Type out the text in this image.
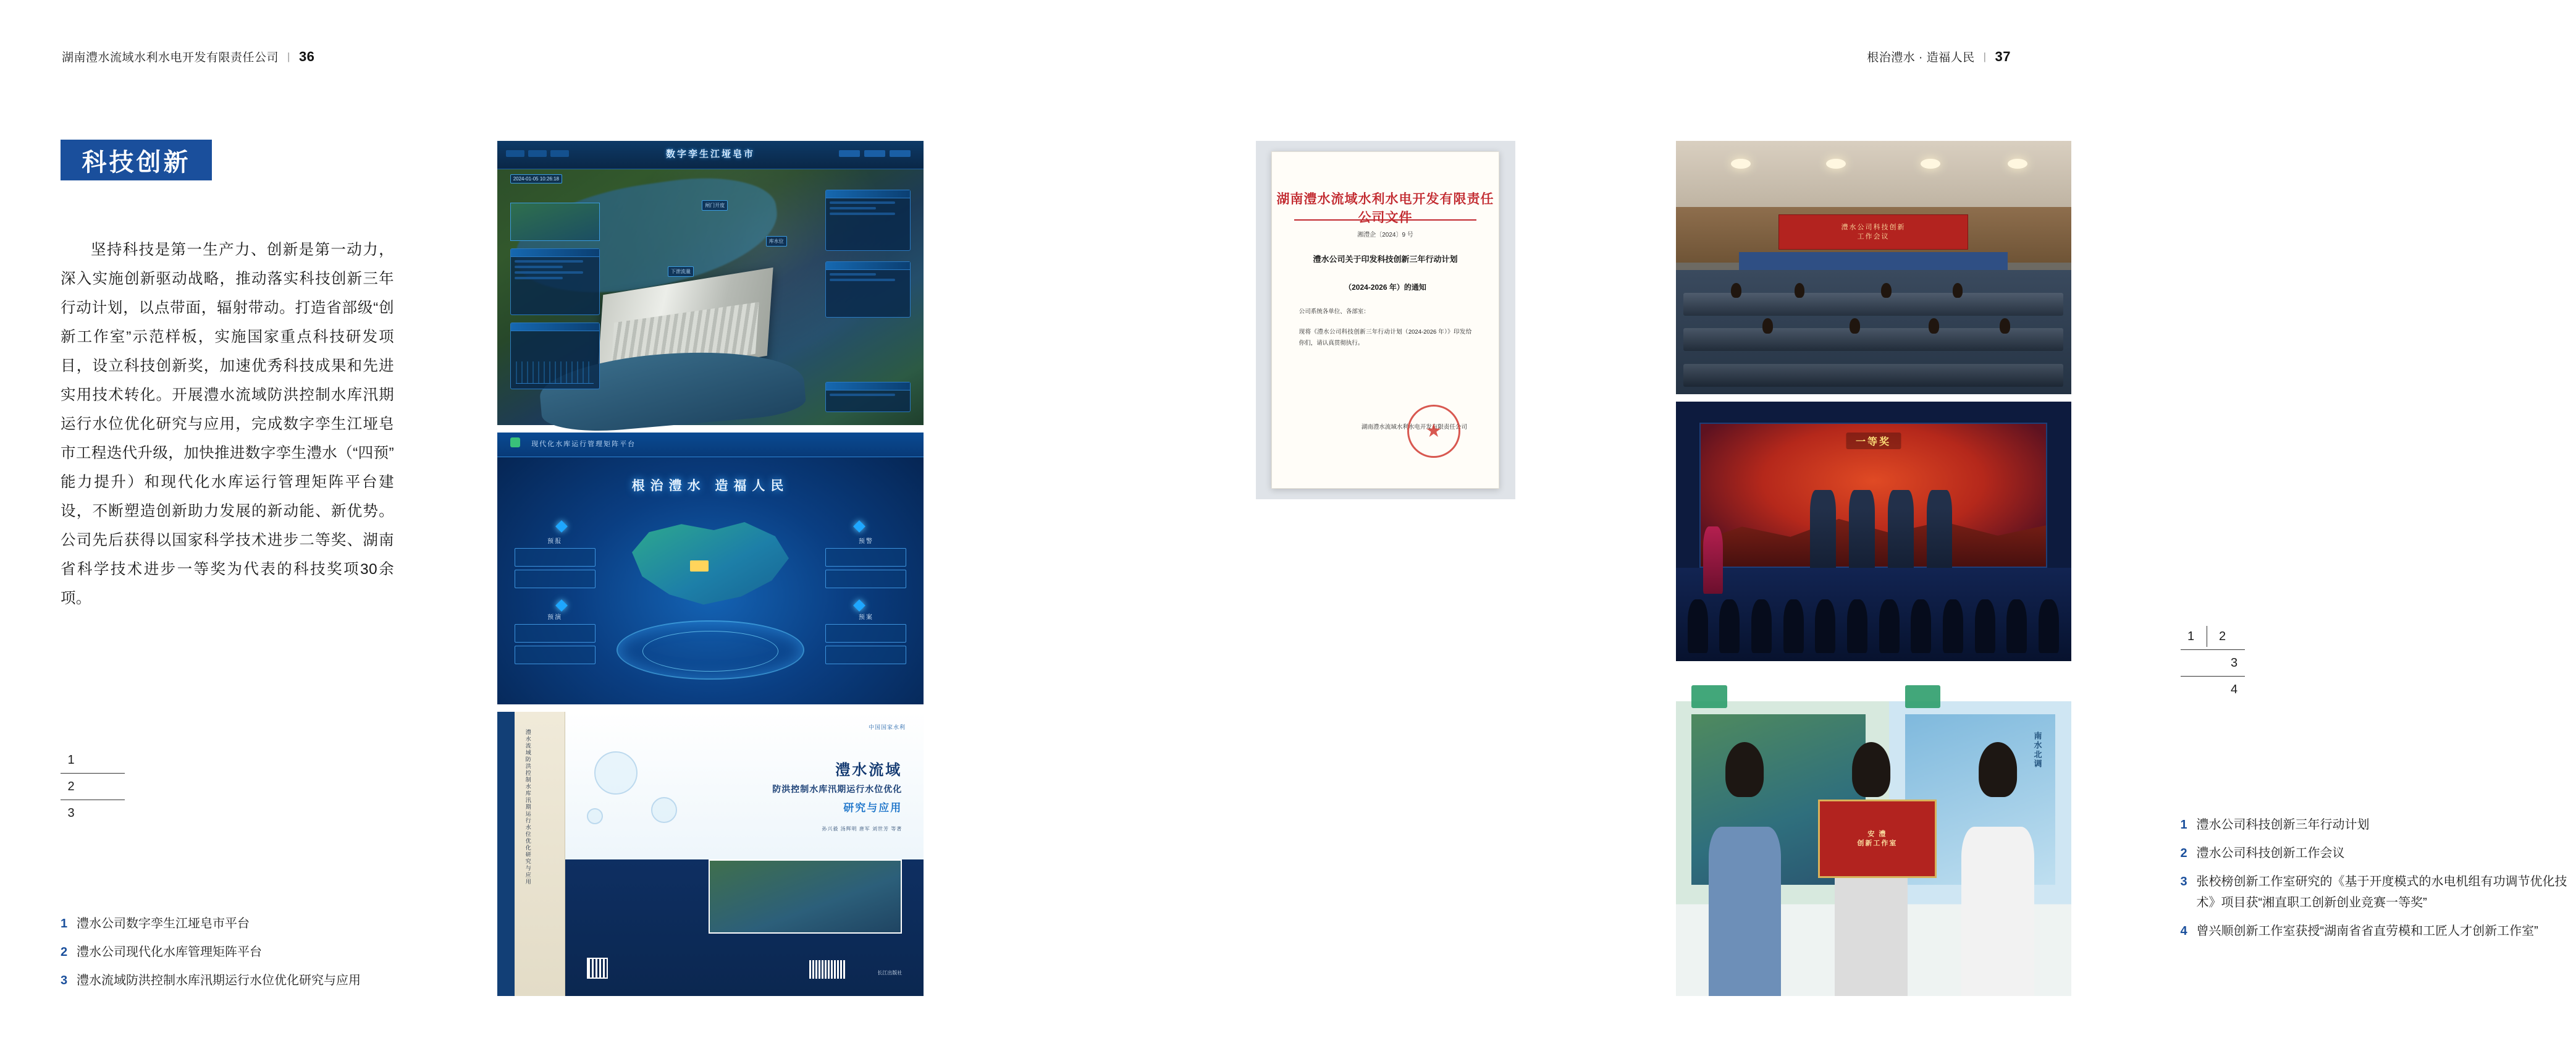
湖南澧水流域水利水电开发有限责任公司 | 36
科技创新

坚持科技是第一生产力、创新是第一动力，深入实施创新驱动战略，推动落实科技创新三年行动计划，以点带面，辐射带动。打造省部级“创新工作室”示范样板，实施国家重点科技研发项目，设立科技创新奖，加速优秀科技成果和先进实用技术转化。开展澧水流域防洪控制水库汛期运行水位优化研究与应用，完成数字孪生江垭皂市工程迭代升级，加快推进数字孪生澧水（“四预”能力提升）和现代化水库运行管理矩阵平台建设，不断塑造创新助力发展的新动能、新优势。公司先后获得以国家科学技术进步二等奖、湖南省科学技术进步一等奖为代表的科技奖项30余项。

1
2
3
1 澧水公司数字孪生江垭皂市平台
2 澧水公司现代化水库管理矩阵平台
3 澧水流域防洪控制水库汛期运行水位优化研究与应用
数字孪生江垭皂市
闸门开度
库水位
下泄流量
2024-01-05 10:26:18
现代化水库运行管理矩阵平台
根治澧水 造福人民
预报	预警
预演	预案
澧水流域防洪控制水库汛期运行水位优化研究与应用
中国国家水利
澧水流域
防洪控制水库汛期运行水位优化
研究与应用
孙兴毅 汤辉明 唐军 刘世芳 等著
长江出版社
根治澧水 · 造福人民 | 37
1	2
3
4
1 澧水公司科技创新三年行动计划
2 澧水公司科技创新工作会议
3 张校榜创新工作室研究的《基于开度模式的水电机组有功调节优化技术》项目获“湘直职工创新创业竞赛一等奖”
4 曾兴顺创新工作室获授“湖南省省直劳模和工匠人才创新工作室”
湖南澧水流域水利水电开发有限责任公司文件
湘澧企〔2024〕9 号
澧水公司关于印发科技创新三年行动计划
（2024-2026 年）的通知
公司系统各单位、各部室：
现将《澧水公司科技创新三年行动计划（2024-2026 年）》印发给你们，请认真贯彻执行。
湖南澧水流域水利水电开发有限责任公司
★
澧水公司科技创新
工作会议
一等奖
南水北调
安 澧
创新工作室
